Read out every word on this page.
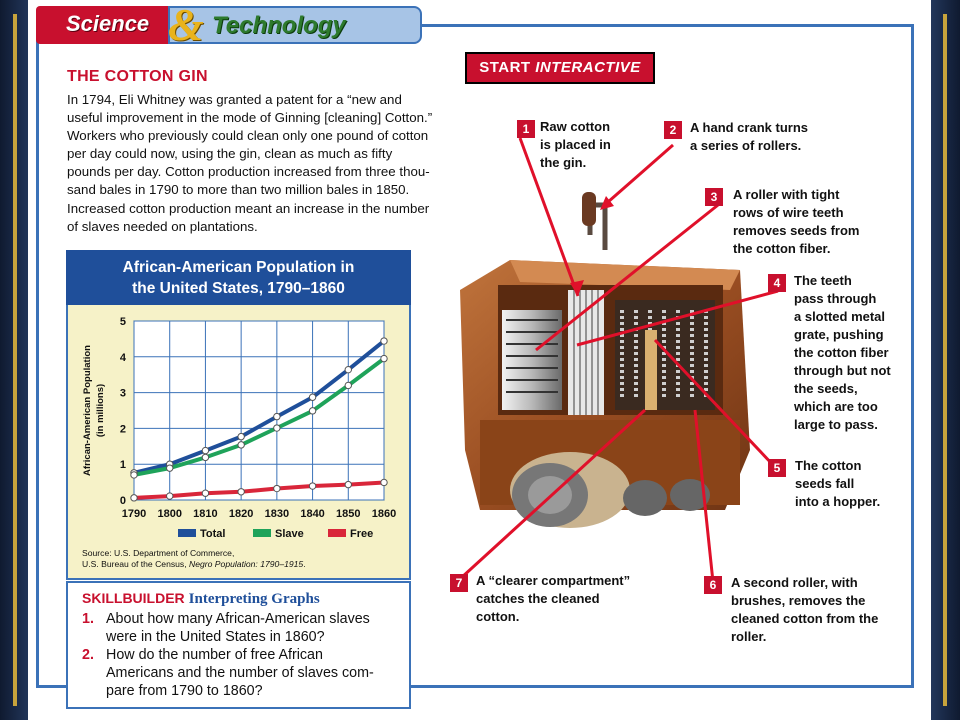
Science	Technology
&
THE COTTON GIN
In 1794, Eli Whitney was granted a patent for a “new and
useful improvement in the mode of Ginning [cleaning] Cotton.”
Workers who previously could clean only one pound of cotton
per day could now, using the gin, clean as much as fifty
pounds per day. Cotton production increased from three thou-
sand bales in 1790 to more than two million bales in 1850.
Increased cotton production meant an increase in the number
of slaves needed on plantations.
START INTERACTIVE
African-American Population in
the United States, 1790–1860
0
1
2
3
4
5
1790 1800 1810 1820 1830 1840 1850 1860
African-American Population (in millions)
Total	Slave	Free
Source: U.S. Department of Commerce,
U.S. Bureau of the Census, Negro Population: 1790–1915.
SKILLBUILDER Interpreting Graphs
1. About how many African-American slaves
were in the United States in 1860?
2. How do the number of free African
Americans and the number of slaves com-
pare from 1790 to 1860?
1 Raw cotton
is placed in
the gin.
2	A hand crank turns
a series of rollers.
3	A roller with tight
rows of wire teeth
removes seeds from
the cotton fiber.
4	The teeth
pass through
a slotted metal
grate, pushing
the cotton fiber
through but not
the seeds,
which are too
large to pass.
5	The cotton
seeds fall
into a hopper.
6	A second roller, with
brushes, removes the
cleaned cotton from the
roller.
7	A “clearer compartment”
catches the cleaned
cotton.
